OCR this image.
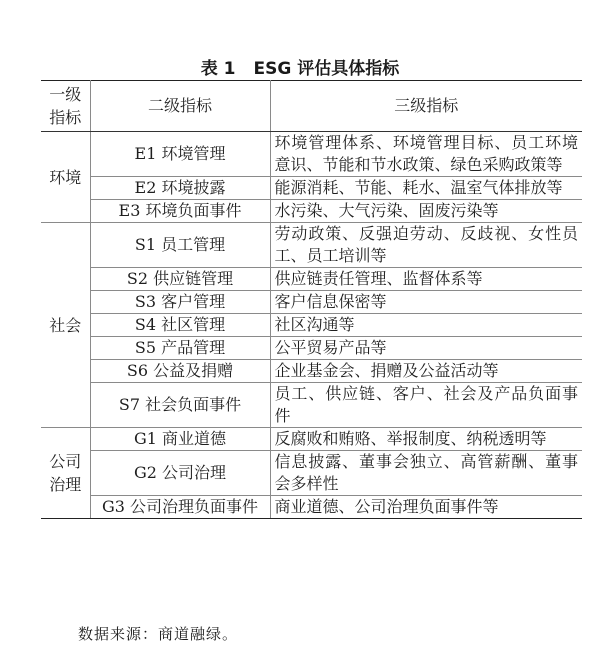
表 1 ESG 评估具体指标
一级
指标	二级指标	三级指标
环境	E1 环境管理	环境管理体系、环境管理目标、员工环境意识、节能和节水政策、绿色采购政策等
	E2 环境披露	能源消耗、节能、耗水、温室气体排放等
	E3 环境负面事件	水污染、大气污染、固废污染等
社会	S1 员工管理	劳动政策、反强迫劳动、反歧视、女性员工、员工培训等
	S2 供应链管理	供应链责任管理、监督体系等
	S3 客户管理	客户信息保密等
	S4 社区管理	社区沟通等
	S5 产品管理	公平贸易产品等
	S6 公益及捐赠	企业基金会、捐赠及公益活动等
	S7 社会负面事件	员工、供应链、客户、社会及产品负面事件
公司
治理	G1 商业道德	反腐败和贿赂、举报制度、纳税透明等
	G2 公司治理	信息披露、董事会独立、高管薪酬、董事会多样性
	G3 公司治理负面事件	商业道德、公司治理负面事件等
数据来源：商道融绿。
